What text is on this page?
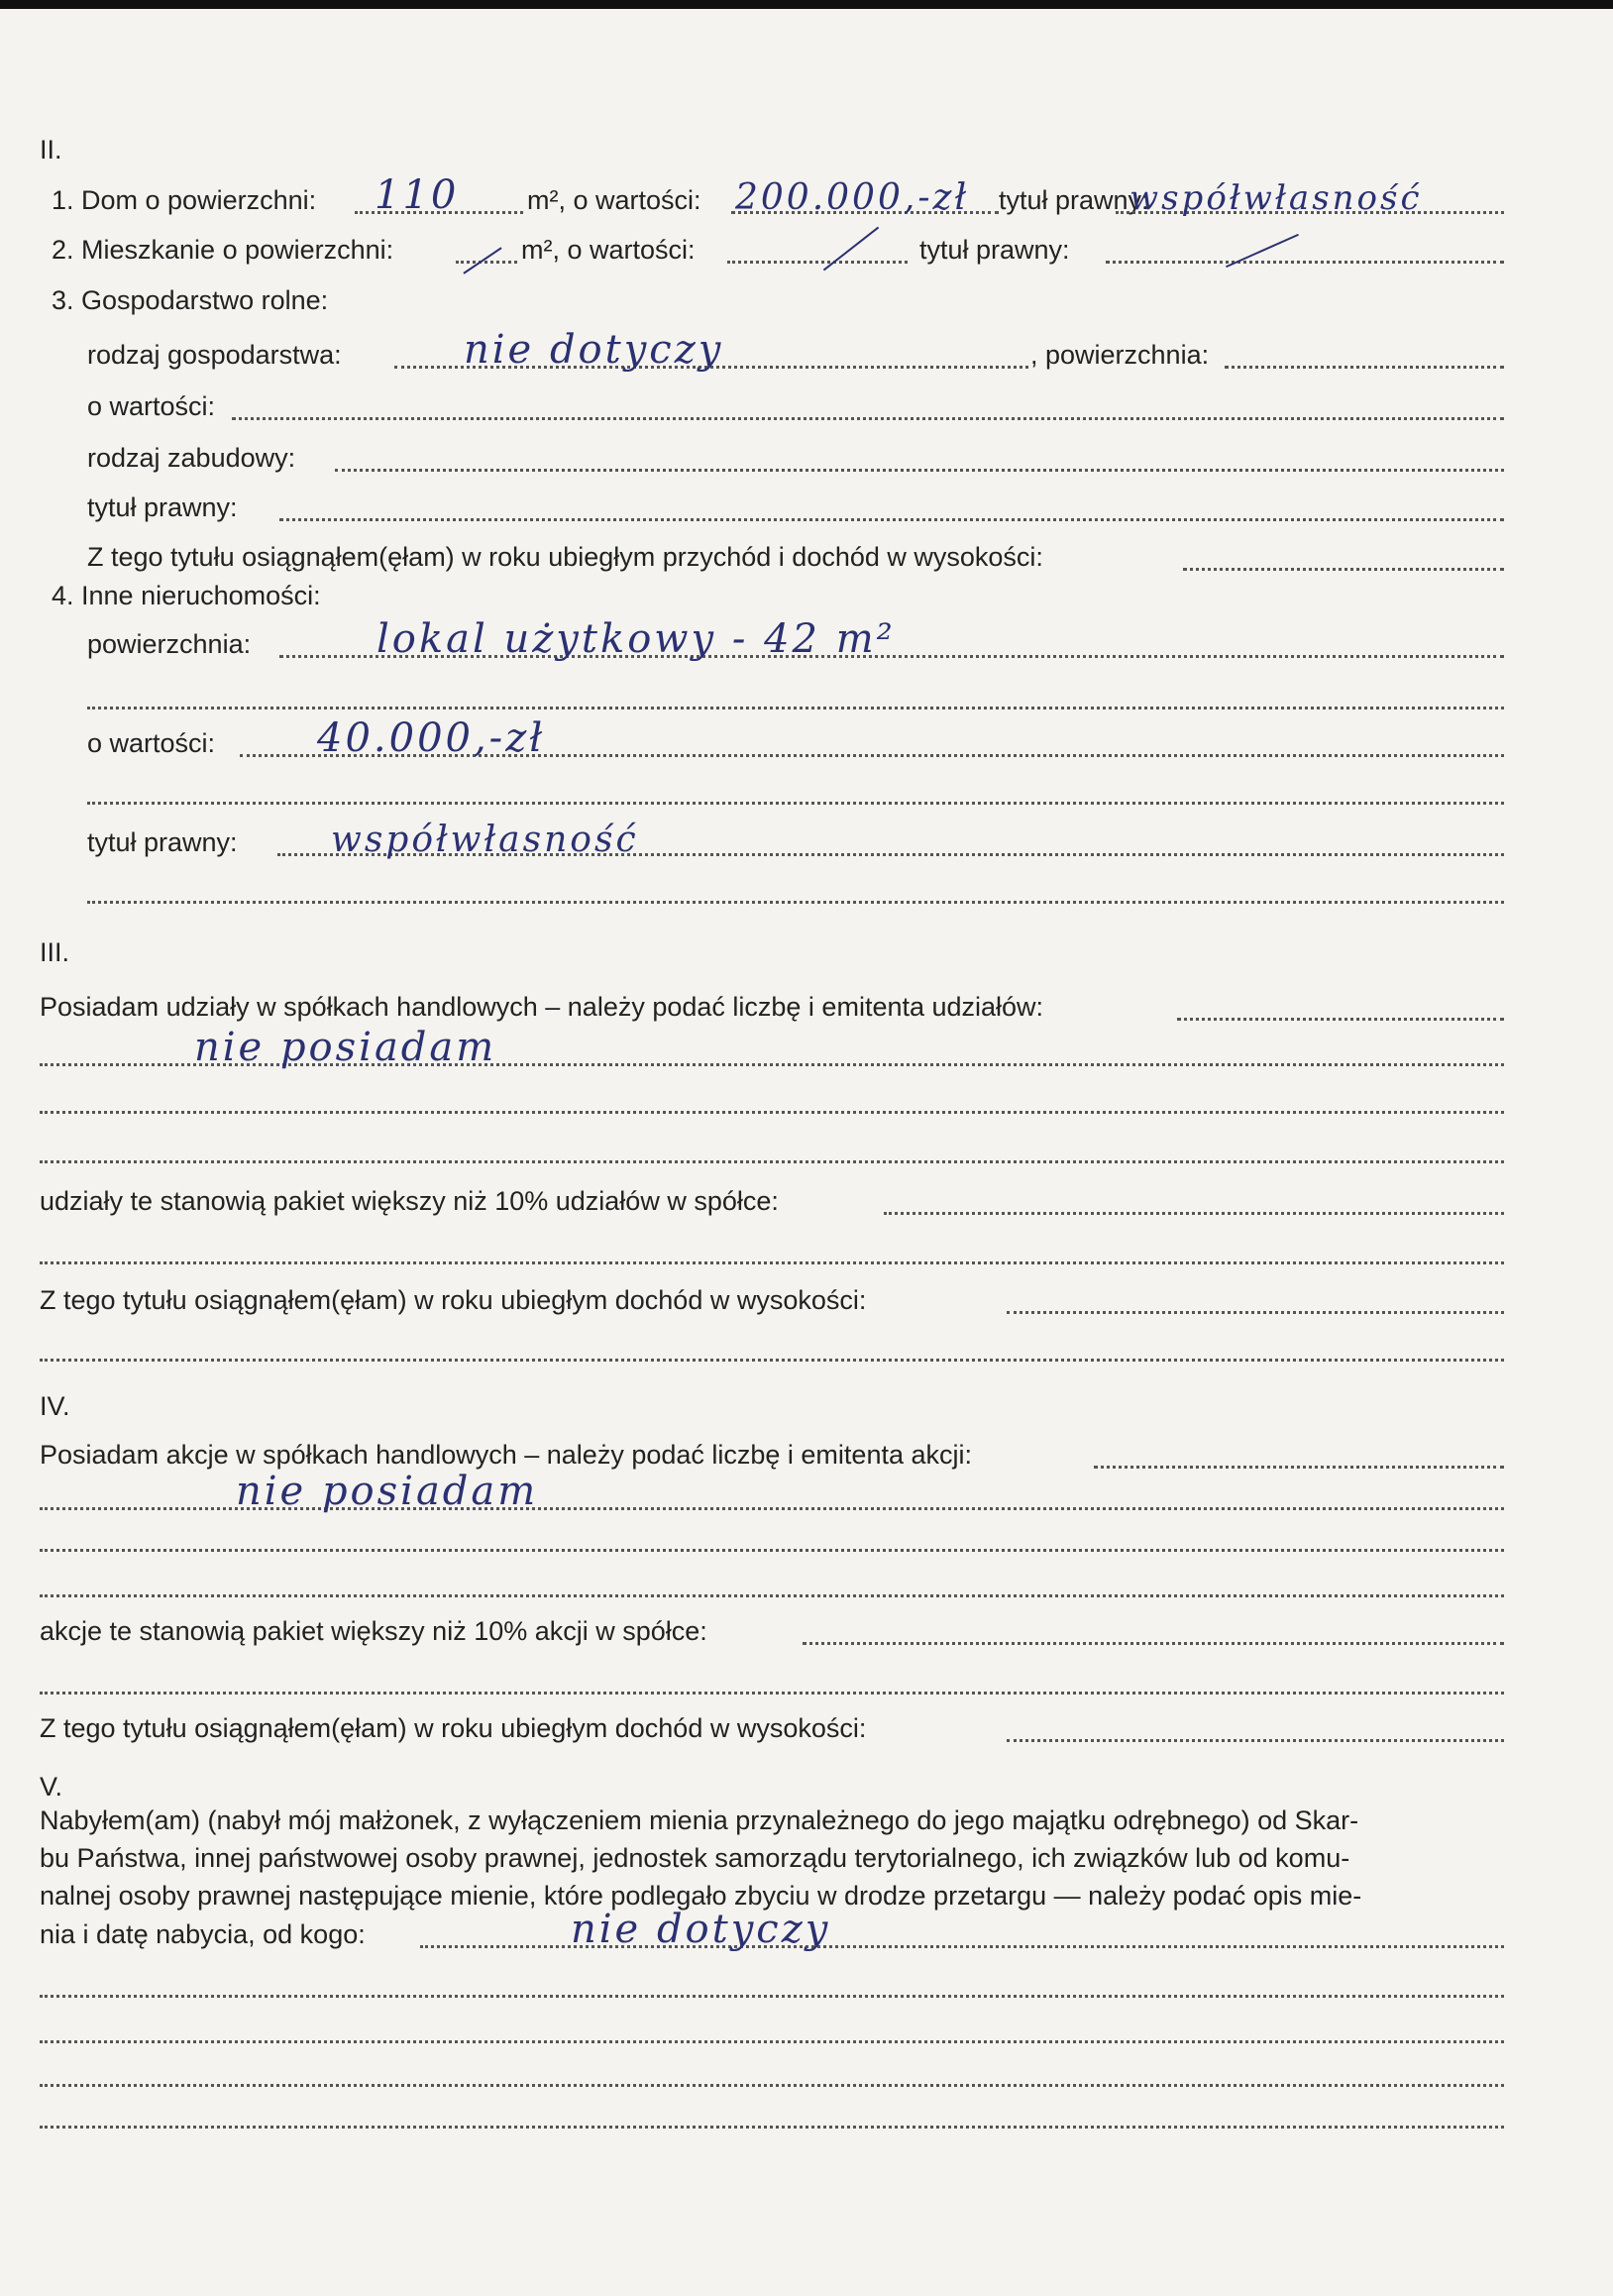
II.
1. Dom o powierzchni: 110	m², o wartości: 200.000,-zł tytuł prawny:
współwłasność
2. Mieszkanie o powierzchni:	m², o wartości:	tytuł prawny:
3. Gospodarstwo rolne:
rodzaj gospodarstwa:	nie dotyczy	, powierzchnia:
o wartości:
rodzaj zabudowy:
tytuł prawny:
Z tego tytułu osiągnąłem(ęłam) w roku ubiegłym przychód i dochód w wysokości:
4. Inne nieruchomości:
powierzchnia:	lokal użytkowy - 42 m²
o wartości:	40.000,-zł
tytuł prawny:	współwłasność
III.
Posiadam udziały w spółkach handlowych – należy podać liczbę i emitenta udziałów:
nie posiadam
udziały te stanowią pakiet większy niż 10% udziałów w spółce:
Z tego tytułu osiągnąłem(ęłam) w roku ubiegłym dochód w wysokości:
IV.
Posiadam akcje w spółkach handlowych – należy podać liczbę i emitenta akcji:
nie posiadam
akcje te stanowią pakiet większy niż 10% akcji w spółce:
Z tego tytułu osiągnąłem(ęłam) w roku ubiegłym dochód w wysokości:
V.
Nabyłem(am) (nabył mój małżonek, z wyłączeniem mienia przynależnego do jego majątku odrębnego) od Skar-
bu Państwa, innej państwowej osoby prawnej, jednostek samorządu terytorialnego, ich związków lub od komu-
nalnej osoby prawnej następujące mienie, które podlegało zbyciu w drodze przetargu — należy podać opis mie-
nia i datę nabycia, od kogo:	nie dotyczy
